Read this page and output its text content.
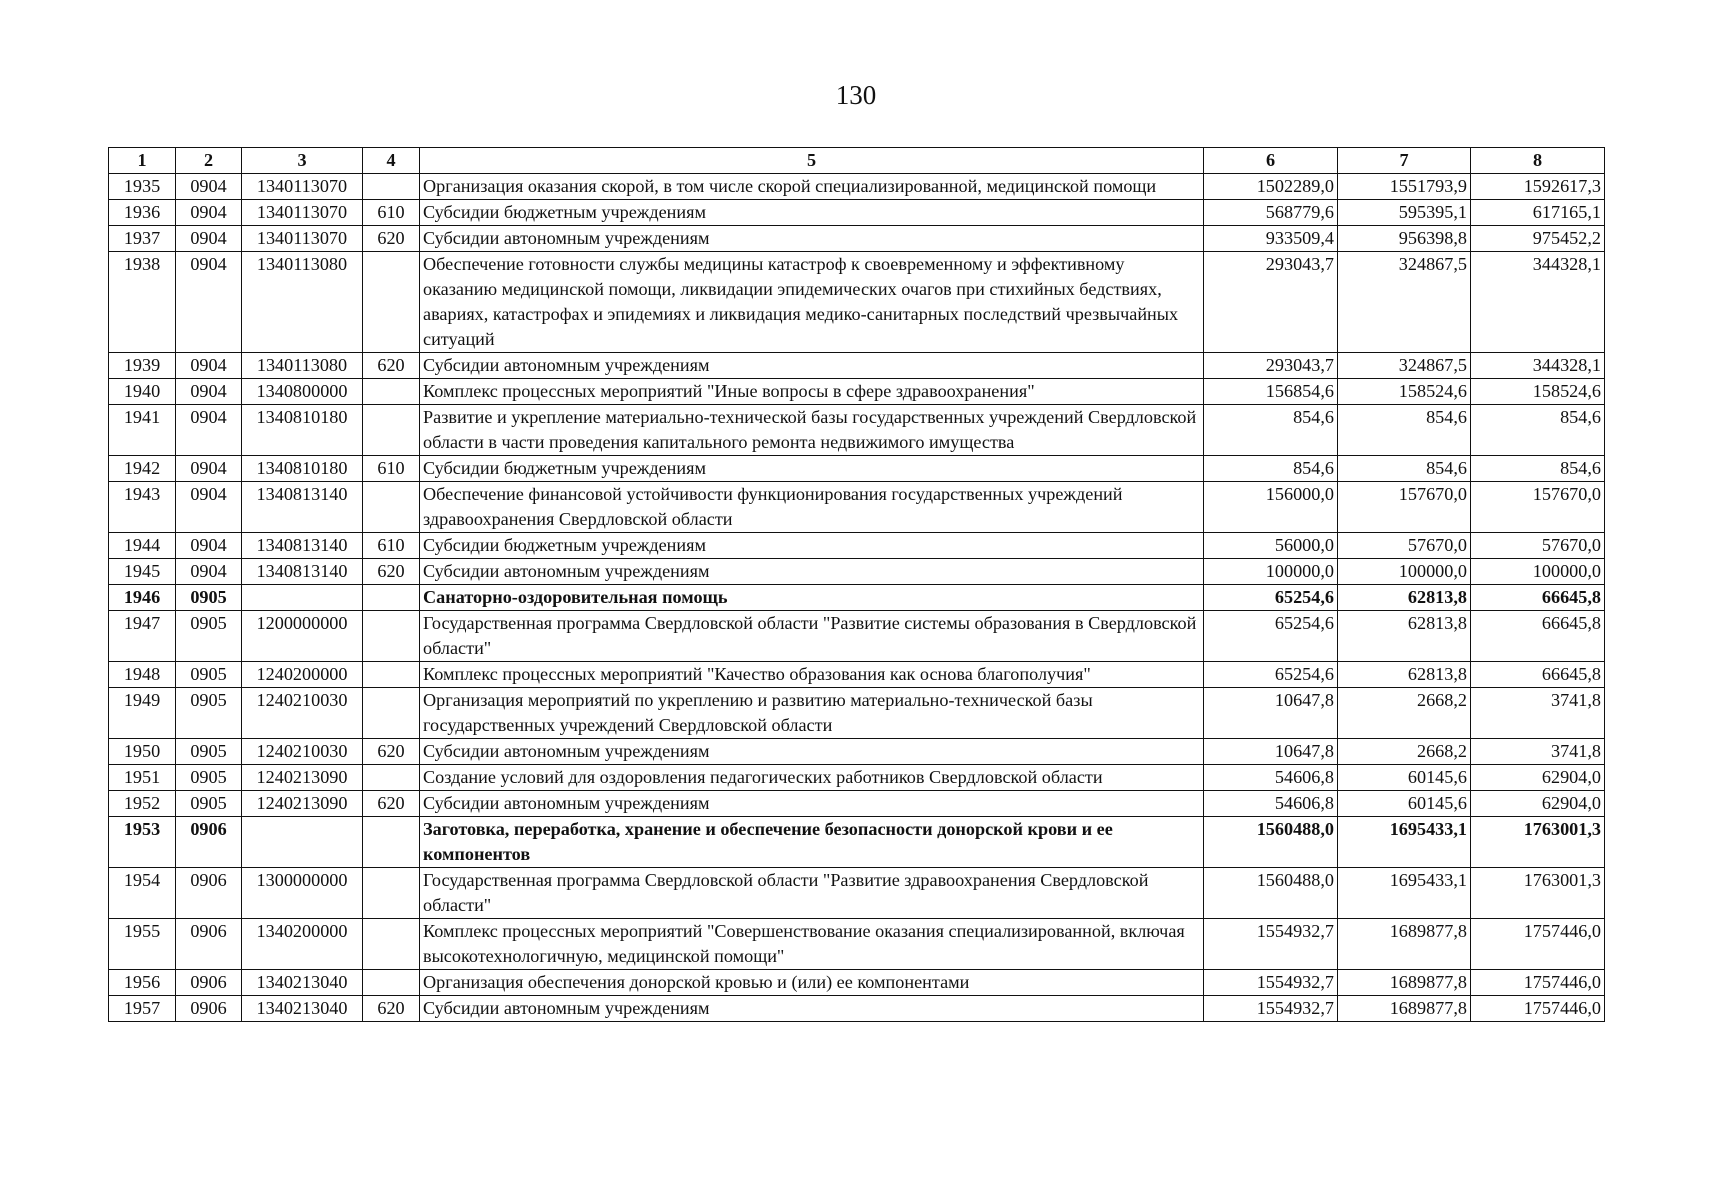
130
1	2	3	4	5	6	7	8
1935	0904	1340113070		Организация оказания скорой, в том числе скорой специализированной, медицинской помощи	1502289,0	1551793,9	1592617,3
1936	0904	1340113070	610	Субсидии бюджетным учреждениям	568779,6	595395,1	617165,1
1937	0904	1340113070	620	Субсидии автономным учреждениям	933509,4	956398,8	975452,2
1938	0904	1340113080		Обеспечение готовности службы медицины катастроф к своевременному и эффективному оказанию медицинской помощи, ликвидации эпидемических очагов при стихийных бедствиях, авариях, катастрофах и эпидемиях и ликвидация медико-санитарных последствий чрезвычайных ситуаций	293043,7	324867,5	344328,1
1939	0904	1340113080	620	Субсидии автономным учреждениям	293043,7	324867,5	344328,1
1940	0904	1340800000		Комплекс процессных мероприятий "Иные вопросы в сфере здравоохранения"	156854,6	158524,6	158524,6
1941	0904	1340810180		Развитие и укрепление материально-технической базы государственных учреждений Свердловской области в части проведения капитального ремонта недвижимого имущества	854,6	854,6	854,6
1942	0904	1340810180	610	Субсидии бюджетным учреждениям	854,6	854,6	854,6
1943	0904	1340813140		Обеспечение финансовой устойчивости функционирования государственных учреждений здравоохранения Свердловской области	156000,0	157670,0	157670,0
1944	0904	1340813140	610	Субсидии бюджетным учреждениям	56000,0	57670,0	57670,0
1945	0904	1340813140	620	Субсидии автономным учреждениям	100000,0	100000,0	100000,0
1946	0905			Санаторно-оздоровительная помощь	65254,6	62813,8	66645,8
1947	0905	1200000000		Государственная программа Свердловской области "Развитие системы образования в Свердловской области"	65254,6	62813,8	66645,8
1948	0905	1240200000		Комплекс процессных мероприятий "Качество образования как основа благополучия"	65254,6	62813,8	66645,8
1949	0905	1240210030		Организация мероприятий по укреплению и развитию материально-технической базы государственных учреждений Свердловской области	10647,8	2668,2	3741,8
1950	0905	1240210030	620	Субсидии автономным учреждениям	10647,8	2668,2	3741,8
1951	0905	1240213090		Создание условий для оздоровления педагогических работников Свердловской области	54606,8	60145,6	62904,0
1952	0905	1240213090	620	Субсидии автономным учреждениям	54606,8	60145,6	62904,0
1953	0906			Заготовка, переработка, хранение и обеспечение безопасности донорской крови и ее компонентов	1560488,0	1695433,1	1763001,3
1954	0906	1300000000		Государственная программа Свердловской области "Развитие здравоохранения Свердловской области"	1560488,0	1695433,1	1763001,3
1955	0906	1340200000		Комплекс процессных мероприятий "Совершенствование оказания специализированной, включая высокотехнологичную, медицинской помощи"	1554932,7	1689877,8	1757446,0
1956	0906	1340213040		Организация обеспечения донорской кровью и (или) ее компонентами	1554932,7	1689877,8	1757446,0
1957	0906	1340213040	620	Субсидии автономным учреждениям	1554932,7	1689877,8	1757446,0
